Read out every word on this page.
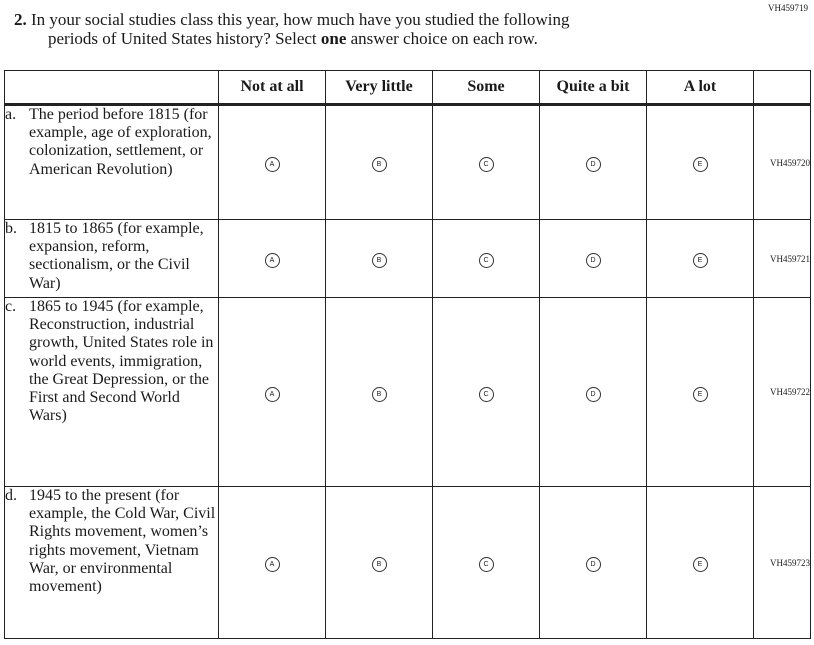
VH459719
2. In your social studies class this year, how much have you studied the following
periods of United States history? Select one answer choice on each row.
	Not at all	Very little	Some	Quite a bit	A lot	

a. The period before 1815 (for example, age of exploration, colonization, settlement, or American Revolution)	A	B	C	D	E	VH459720

b. 1815 to 1865 (for example, expansion, reform, sectionalism, or the Civil War)	A	B	C	D	E	VH459721

c. 1865 to 1945 (for example, Reconstruction, industrial growth, United States role in world events, immigration, the Great Depression, or the First and Second World Wars)	A	B	C	D	E	VH459722

d. 1945 to the present (for example, the Cold War, Civil Rights movement, women’s rights movement, Vietnam War, or environmental movement)	A	B	C	D	E	VH459723
